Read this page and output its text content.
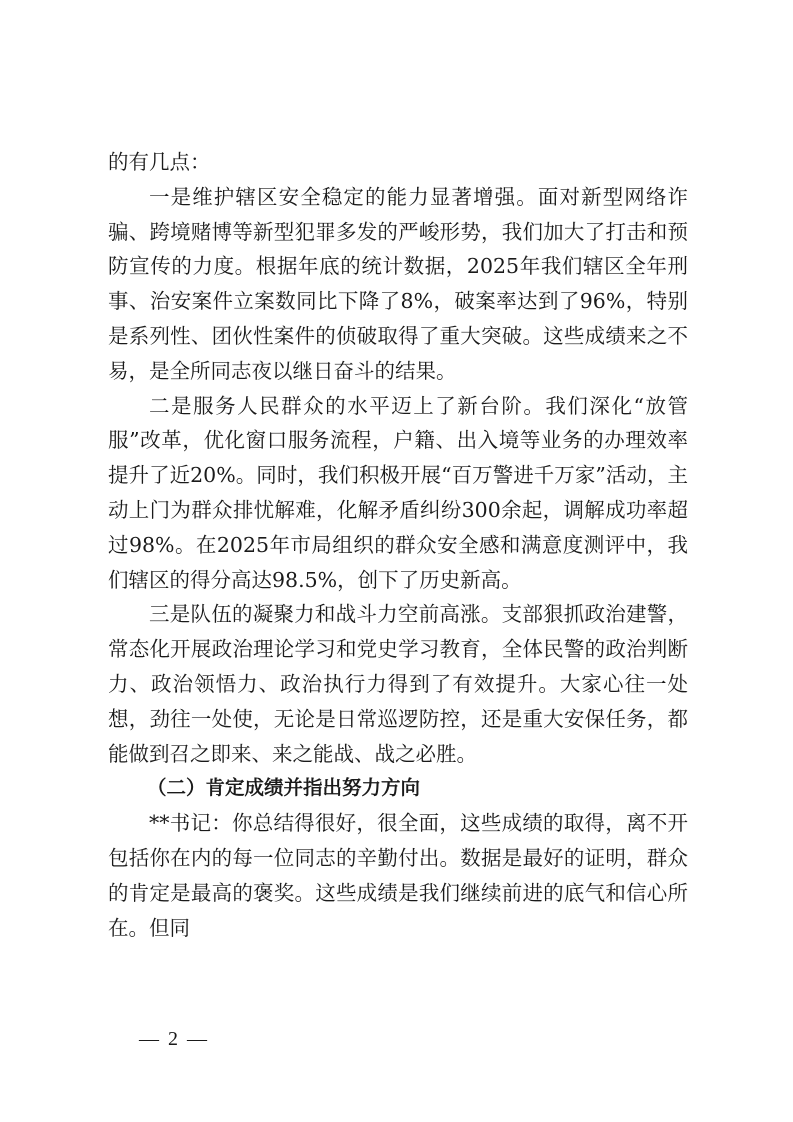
的有几点：

一是维护辖区安全稳定的能力显著增强。面对新型网络诈骗、跨境赌博等新型犯罪多发的严峻形势，我们加大了打击和预防宣传的力度。根据年底的统计数据，2025年我们辖区全年刑事、治安案件立案数同比下降了8%，破案率达到了96%，特别是系列性、团伙性案件的侦破取得了重大突破。这些成绩来之不易，是全所同志夜以继日奋斗的结果。

二是服务人民群众的水平迈上了新台阶。我们深化“放管服”改革，优化窗口服务流程，户籍、出入境等业务的办理效率提升了近20%。同时，我们积极开展“百万警进千万家”活动，主动上门为群众排忧解难，化解矛盾纠纷300余起，调解成功率超过98%。在2025年市局组织的群众安全感和满意度测评中，我们辖区的得分高达98.5%，创下了历史新高。

三是队伍的凝聚力和战斗力空前高涨。支部狠抓政治建警，常态化开展政治理论学习和党史学习教育，全体民警的政治判断力、政治领悟力、政治执行力得到了有效提升。大家心往一处想，劲往一处使，无论是日常巡逻防控，还是重大安保任务，都能做到召之即来、来之能战、战之必胜。

（二）肯定成绩并指出努力方向

**书记：你总结得很好，很全面，这些成绩的取得，离不开包括你在内的每一位同志的辛勤付出。数据是最好的证明，群众的肯定是最高的褒奖。这些成绩是我们继续前进的底气和信心所在。但同

— 2 —
